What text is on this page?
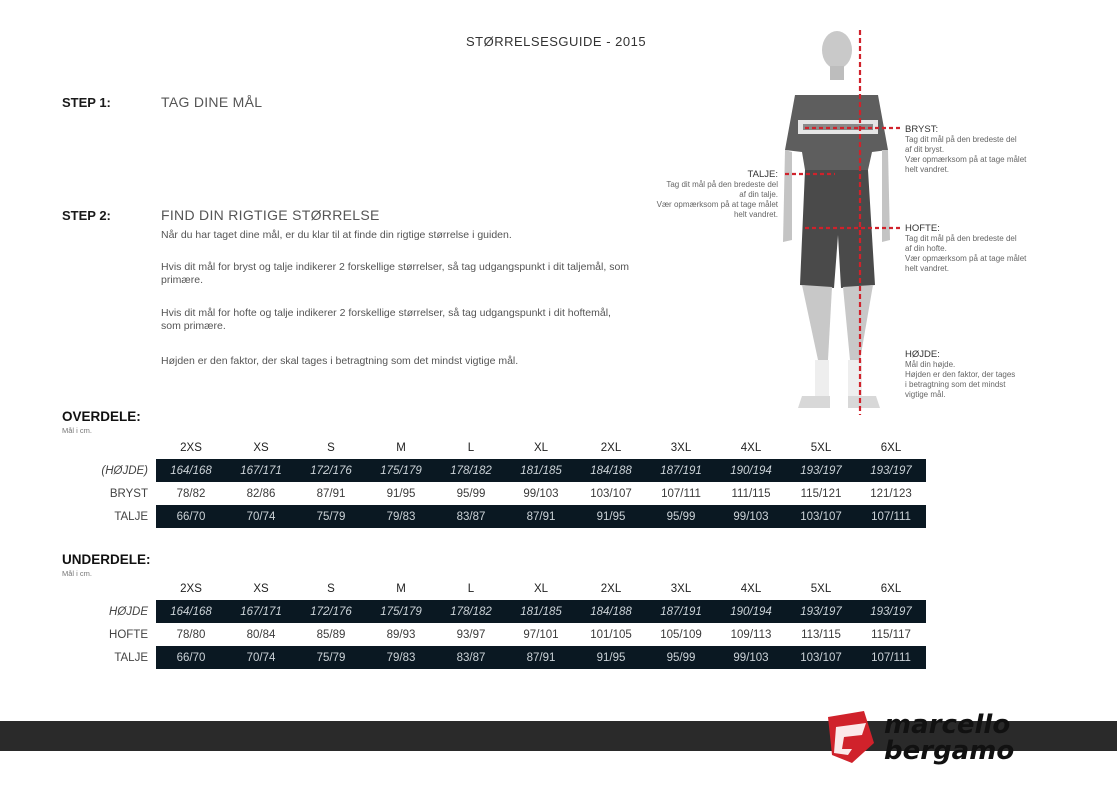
STØRRELSESGUIDE - 2015
STEP 1:	TAG DINE MÅL
STEP 2:	FIND DIN RIGTIGE STØRRELSE
Når du har taget dine mål, er du klar til at finde din rigtige størrelse i guiden.
Hvis dit mål for bryst og talje indikerer 2 forskellige størrelser, så tag udgangspunkt i dit taljemål, som primære.
Hvis dit mål for hofte og talje indikerer 2 forskellige størrelser, så tag udgangspunkt i dit hoftemål, som primære.
Højden er den faktor, der skal tages i betragtning som det mindst vigtige mål.
OVERDELE:
Mål i cm.
	2XS	XS	S	M	L	XL	2XL	3XL	4XL	5XL	6XL
(HØJDE)	164/168	167/171	172/176	175/179	178/182	181/185	184/188	187/191	190/194	193/197	193/197
BRYST	78/82	82/86	87/91	91/95	95/99	99/103	103/107	107/111	111/115	115/121	121/123
TALJE	66/70	70/74	75/79	79/83	83/87	87/91	91/95	95/99	99/103	103/107	107/111
UNDERDELE:
Mål i cm.
	2XS	XS	S	M	L	XL	2XL	3XL	4XL	5XL	6XL
HØJDE	164/168	167/171	172/176	175/179	178/182	181/185	184/188	187/191	190/194	193/197	193/197
HOFTE	78/80	80/84	85/89	89/93	93/97	97/101	101/105	105/109	109/113	113/115	115/117
TALJE	66/70	70/74	75/79	79/83	83/87	87/91	91/95	95/99	99/103	103/107	107/111
BRYST:
Tag dit mål på den bredeste del
af dit bryst.
Vær opmærksom på at tage målet
helt vandret.
TALJE:
Tag dit mål på den bredeste del
af din talje.
Vær opmærksom på at tage målet
helt vandret.
HOFTE:
Tag dit mål på den bredeste del
af din hofte.
Vær opmærksom på at tage målet
helt vandret.
HØJDE:
Mål din højde.
Højden er den faktor, der tages
i betragtning som det mindst
vigtige mål.
marcello
bergamo
